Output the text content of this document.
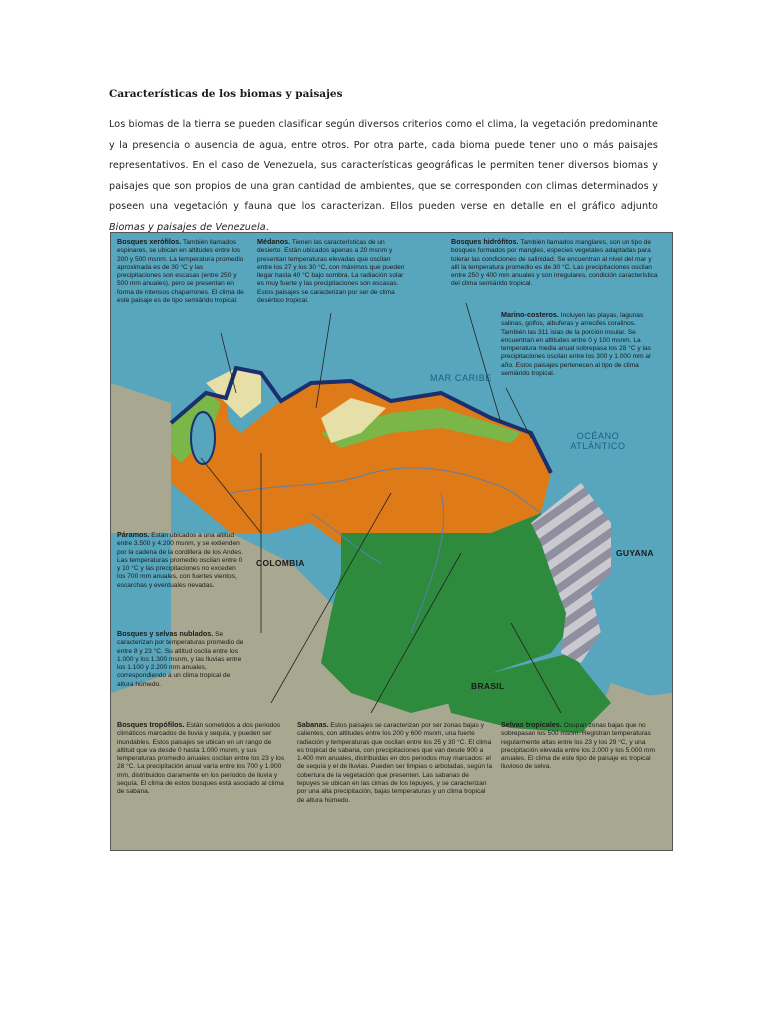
Características de los biomas y paisajes
Los biomas de la tierra se pueden clasificar según diversos criterios como el clima, la vegetación predominante y la presencia o ausencia de agua, entre otros. Por otra parte, cada bioma puede tener uno o más paisajes representativos. En el caso de Venezuela, sus características geográficas le permiten tener diversos biomas y paisajes que son propios de una gran cantidad de ambientes, que se corresponden con climas determinados y poseen una vegetación y fauna que los caracterizan. Ellos pueden verse en detalle en el gráfico adjunto Biomas y paisajes de Venezuela.
Bosques xerófilos. También llamados espinares, se ubican en altitudes entre los 200 y 500 msnm. La temperatura promedio aproximada es de 30 °C y las precipitaciones son escasas (entre 250 y 500 mm anuales), pero se presentan en forma de intensos chaparrones. El clima de este paisaje es de tipo semiárido tropical.
Médanos. Tienen las características de un desierto. Están ubicados apenas a 20 msnm y presentan temperaturas elevadas que oscilan entre los 27 y los 30 °C, con máximos que pueden llegar hasta 40 °C bajo sombra. La radiación solar es muy fuerte y las precipitaciones son escasas. Estos paisajes se caracterizan por ser de clima desértico tropical.
Bosques hidrófitos. También llamados manglares, son un tipo de bosques formados por mangles, especies vegetales adaptadas para tolerar las condiciones de salinidad. Se encuentran al nivel del mar y allí la temperatura promedio es de 30 °C. Las precipitaciones oscilan entre 250 y 400 mm anuales y son irregulares, condición característica del clima semiárido tropical.
Marino-costeros. Incluyen las playas, lagunas salinas, golfos, albuferas y arrecifes coralinos. También las 311 islas de la porción insular. Se encuentran en altitudes entre 0 y 100 msnm. La temperatura media anual sobrepasa los 28 °C y las precipitaciones oscilan entre los 300 y 1.000 mm al año. Estos paisajes pertenecen al tipo de clima semiárido tropical.
MAR CARIBE
OCÉANO ATLÁNTICO
COLOMBIA
GUYANA
BRASIL
Páramos. Están ubicados a una altitud entre 3.500 y 4.200 msnm, y se extienden por la cadena de la cordillera de los Andes. Las temperaturas promedio oscilan entre 0 y 10 °C y las precipitaciones no exceden los 700 mm anuales, con fuertes vientos, escarchas y eventuales nevadas.
Bosques y selvas nublados. Se caracterizan por temperaturas promedio de entre 8 y 23 °C. Su altitud oscila entre los 1.000 y los 1.300 msnm, y las lluvias entre los 1.100 y 2.200 mm anuales, correspondiendo a un clima tropical de altura húmedo.
Bosques tropófilos. Están sometidos a dos periodos climáticos marcados de lluvia y sequía, y pueden ser inundables. Estos paisajes se ubican en un rango de altitud que va desde 0 hasta 1.000 msnm, y sus temperaturas promedio anuales oscilan entre los 23 y los 28 °C. La precipitación anual varía entre los 700 y 1.900 mm, distribuidos claramente en los periodos de lluvia y sequía. El clima de estos bosques está asociado al clima de sabana.
Sabanas. Estos paisajes se caracterizan por ser zonas bajas y calientes, con altitudes entre los 200 y 600 msnm, una fuerte radiación y temperaturas que oscilan entre los 25 y 30 °C. El clima es tropical de sabana, con precipitaciones que van desde 900 a 1.400 mm anuales, distribuidas en dos periodos muy marcados: el de sequía y el de lluvias. Pueden ser limpias o arboladas, según la cobertura de la vegetación que presenten. Las sabanas de tepuyes se ubican en las cimas de los tepuyes, y se caracterizan por una alta precipitación, bajas temperaturas y un clima tropical de altura húmedo.
Selvas tropicales. Ocupan zonas bajas que no sobrepasan los 500 msnm. Registran temperaturas regularmente altas entre los 23 y los 29 °C, y una precipitación elevada entre los 2.000 y los 5.000 mm anuales. El clima de este tipo de paisaje es tropical lluvioso de selva.
